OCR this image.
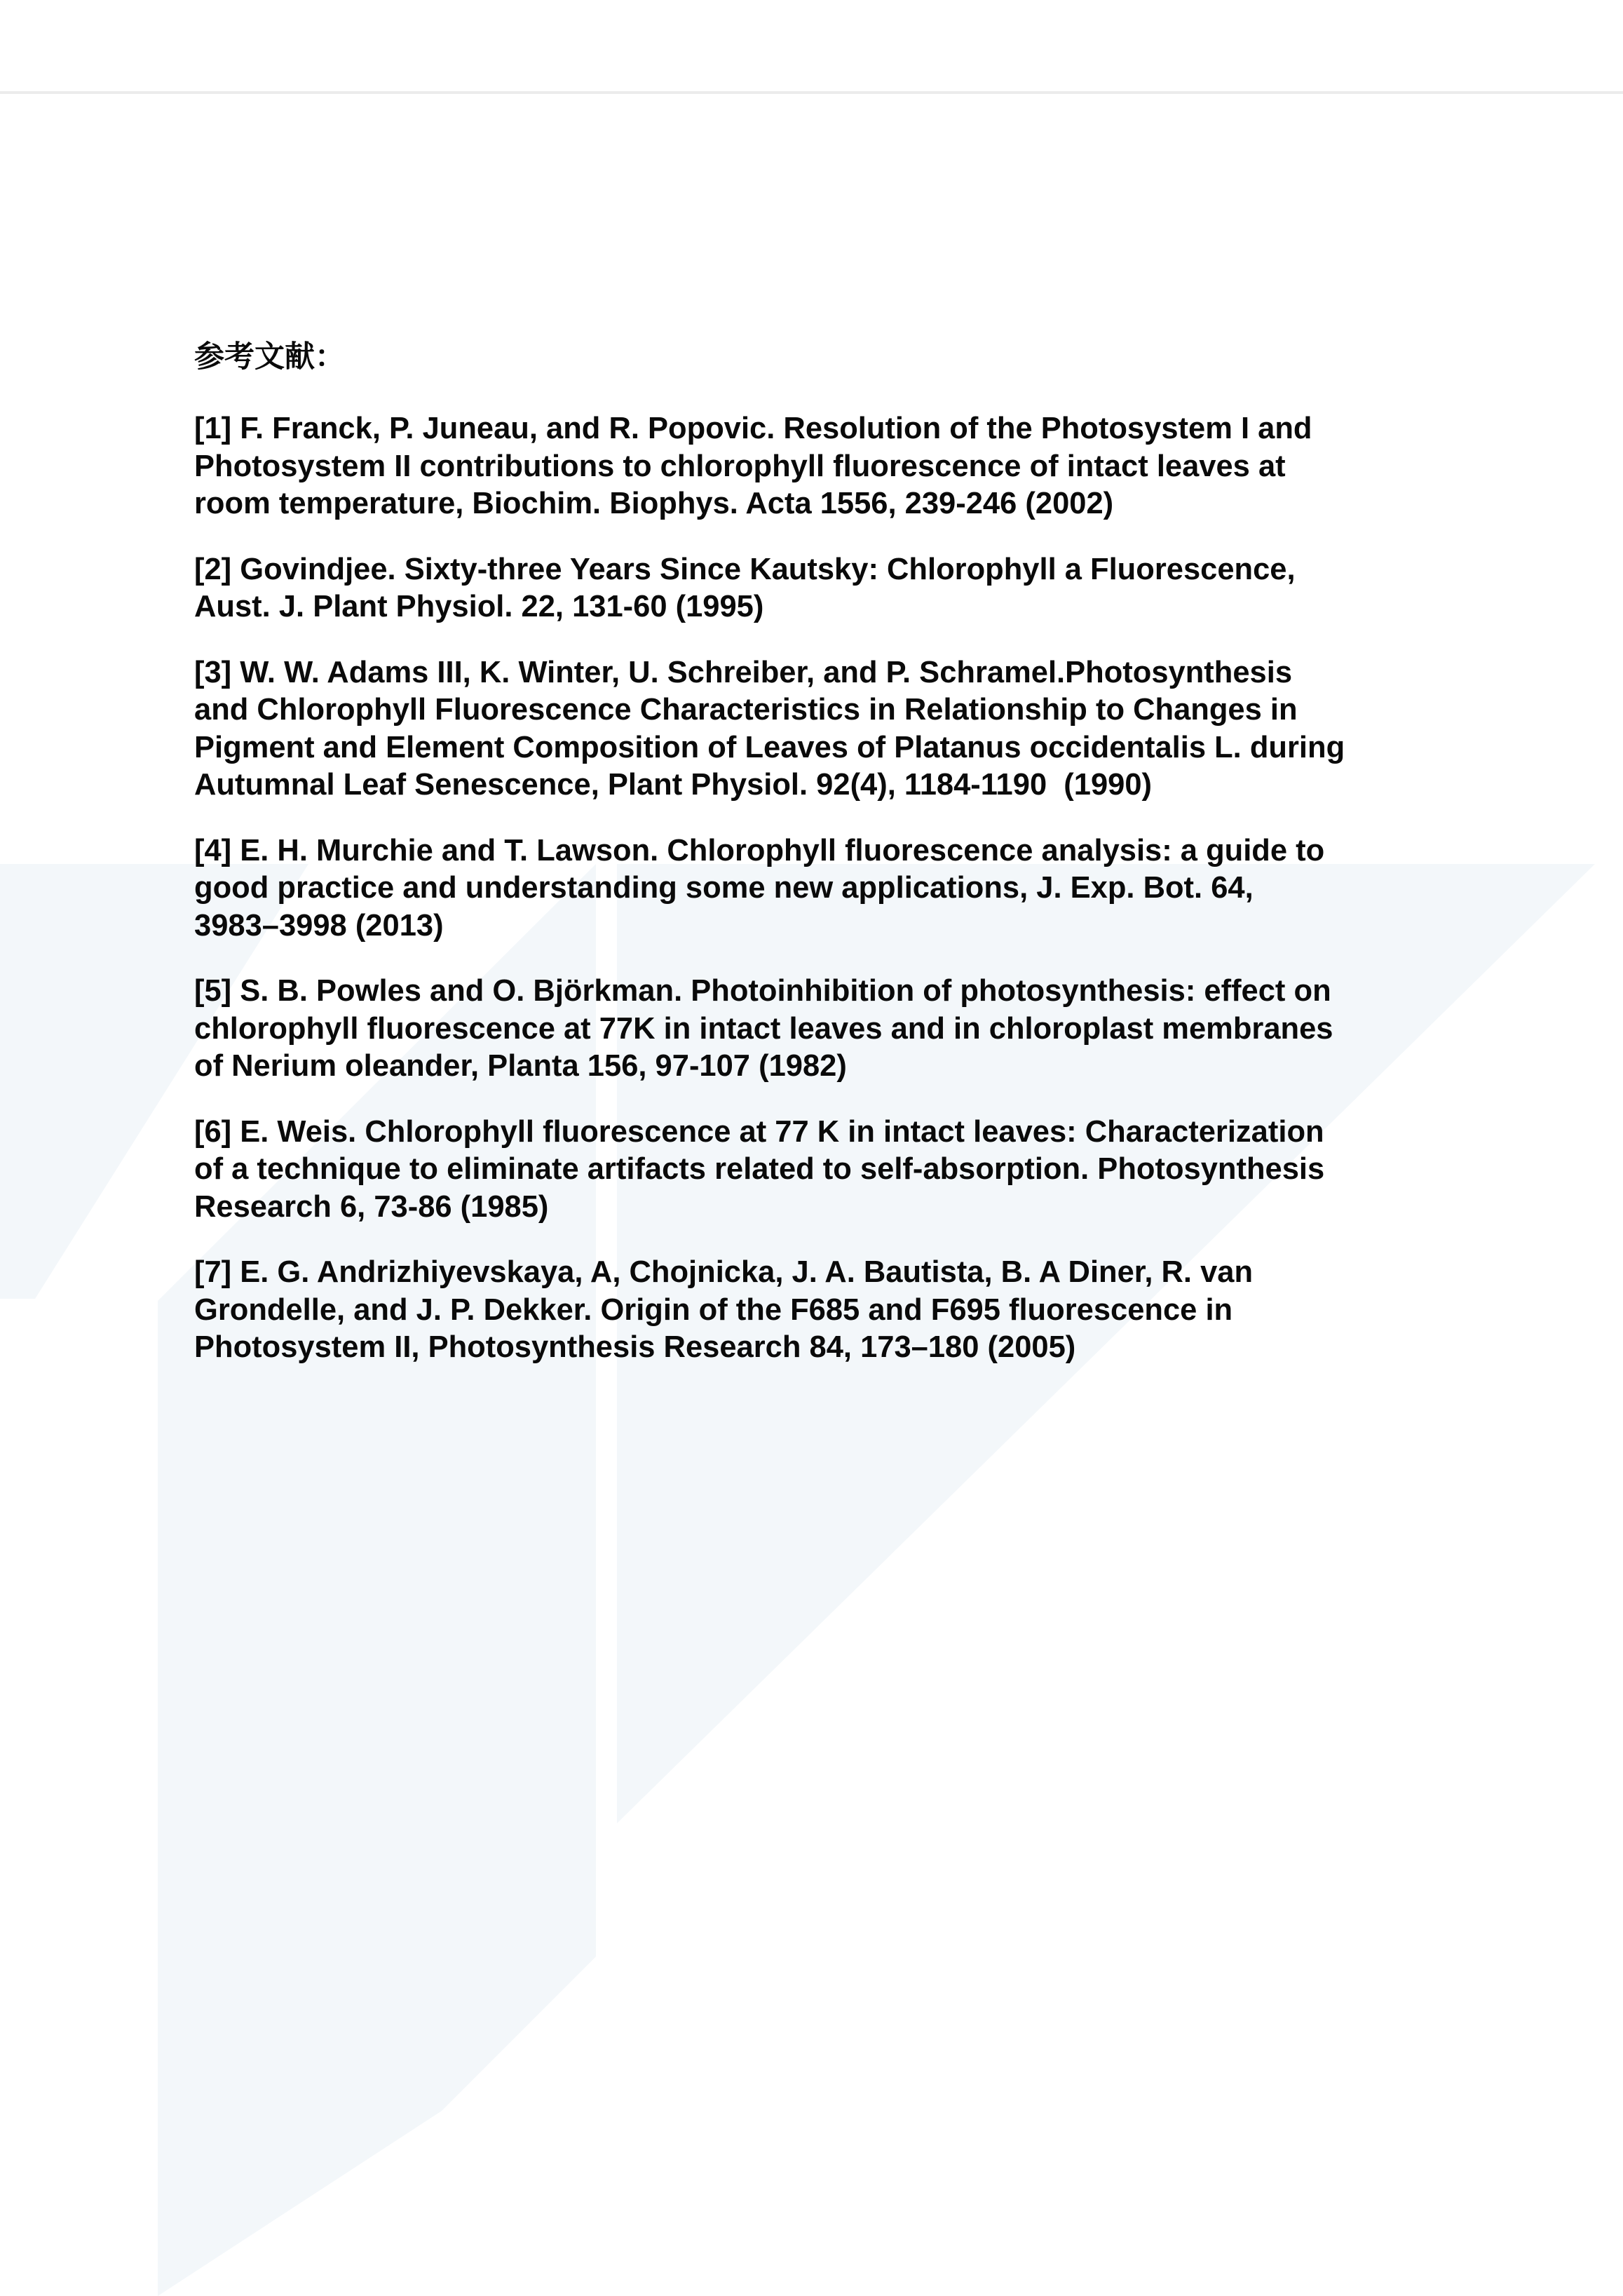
参考文献：
[1] F. Franck, P. Juneau, and R. Popovic. Resolution of the Photosystem I and
Photosystem II contributions to chlorophyll fluorescence of intact leaves at
room temperature, Biochim. Biophys. Acta 1556, 239-246 (2002)
[2] Govindjee. Sixty-three Years Since Kautsky: Chlorophyll a Fluorescence,
Aust. J. Plant Physiol. 22, 131-60 (1995)
[3] W. W. Adams III, K. Winter, U. Schreiber, and P. Schramel.Photosynthesis
and Chlorophyll Fluorescence Characteristics in Relationship to Changes in
Pigment and Element Composition of Leaves of Platanus occidentalis L. during
Autumnal Leaf Senescence, Plant Physiol. 92(4), 1184-1190  (1990)
[4] E. H. Murchie and T. Lawson. Chlorophyll fluorescence analysis: a guide to
good practice and understanding some new applications, J. Exp. Bot. 64,
3983–3998 (2013)
[5] S. B. Powles and O. Björkman. Photoinhibition of photosynthesis: effect on
chlorophyll fluorescence at 77K in intact leaves and in chloroplast membranes
of Nerium oleander, Planta 156, 97-107 (1982)
[6] E. Weis. Chlorophyll fluorescence at 77 K in intact leaves: Characterization
of a technique to eliminate artifacts related to self-absorption. Photosynthesis
Research 6, 73-86 (1985)
[7] E. G. Andrizhiyevskaya, A, Chojnicka, J. A. Bautista, B. A Diner, R. van
Grondelle, and J. P. Dekker. Origin of the F685 and F695 fluorescence in
Photosystem II, Photosynthesis Research 84, 173–180 (2005)
